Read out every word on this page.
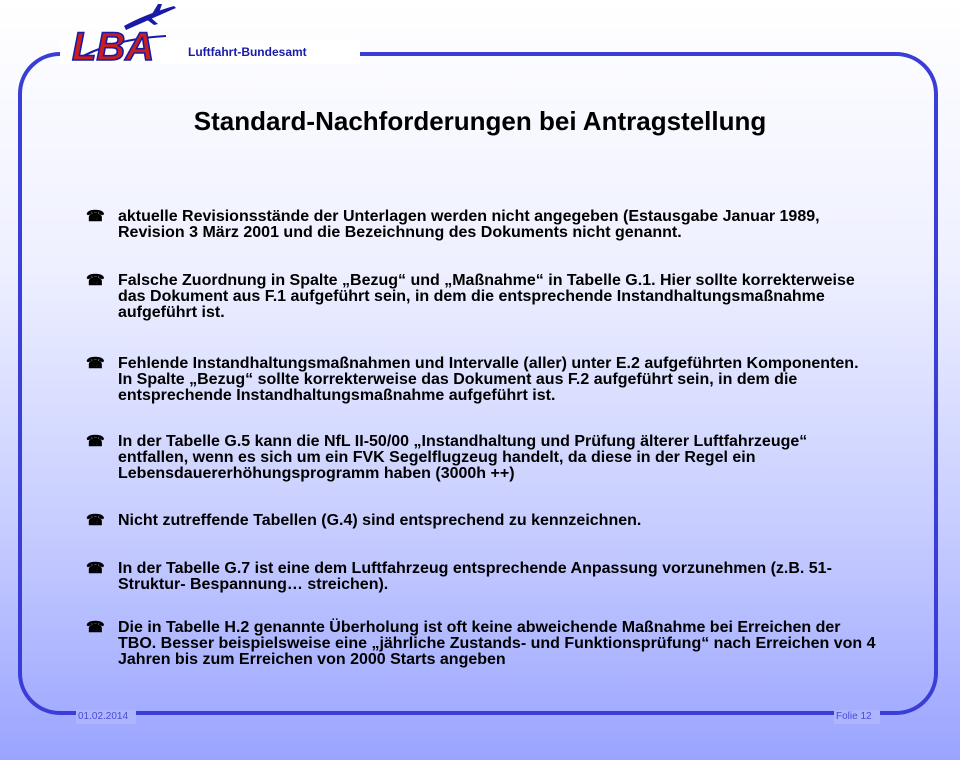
LBA	Luftfahrt-Bundesamt
Standard-Nachforderungen bei Antragstellung
☎ aktuelle Revisionsstände der Unterlagen werden nicht angegeben (Estausgabe Januar 1989, Revision 3 März 2001 und die Bezeichnung des Dokuments nicht genannt.
☎ Falsche Zuordnung in Spalte „Bezug“ und „Maßnahme“ in Tabelle G.1. Hier sollte korrekterweise das Dokument aus F.1 aufgeführt sein, in dem die entsprechende Instandhaltungsmaßnahme aufgeführt ist.
☎ Fehlende Instandhaltungsmaßnahmen und Intervalle (aller) unter E.2 aufgeführten Komponenten. In Spalte „Bezug“ sollte korrekterweise das Dokument aus F.2 aufgeführt sein, in dem die entsprechende Instandhaltungsmaßnahme aufgeführt ist.
☎ In der Tabelle G.5 kann die NfL II-50/00 „Instandhaltung und Prüfung älterer Luftfahrzeuge“ entfallen, wenn es sich um ein FVK Segelflugzeug handelt, da diese in der Regel ein Lebensdauererhöhungsprogramm haben (3000h ++)
☎ Nicht zutreffende Tabellen (G.4) sind entsprechend zu kennzeichnen.
☎ In der Tabelle G.7 ist eine dem Luftfahrzeug entsprechende Anpassung vorzunehmen (z.B. 51-Struktur- Bespannung… streichen).
☎ Die in Tabelle H.2 genannte Überholung ist oft keine abweichende Maßnahme bei Erreichen der TBO. Besser beispielsweise eine „jährliche Zustands- und Funktionsprüfung“ nach Erreichen von 4 Jahren bis zum Erreichen von 2000 Starts angeben
01.02.2014	Folie 12
